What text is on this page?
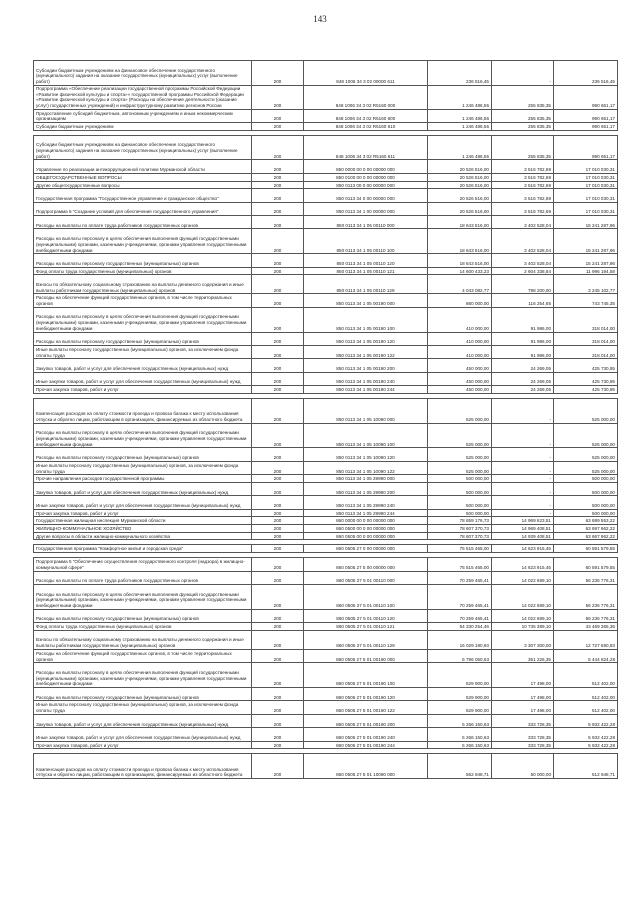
143
Субсидии бюджетным учреждениям на финансовое обеспечение государственного (муниципального) задания на оказание государственных (муниципальных) услуг (выполнение работ)	200	848 1006 34 3 02 00000 611	236 516,45	-	236 516,45
Подпрограмма «Обеспечение реализации государственной программы Российской Федерации «Развитие физической культуры и спорта»» государственной программы Российской Федерации «Развитие физической культуры и спорта» (Расходы на обеспечение деятельности (оказание услуг) государственных учреждений) и инфраструктурному развитию регионов России	200	848 1006 34 3 02 R5160 000	1 246 486,55	255 835,35	990 651,17
Предоставление субсидий бюджетным, автономным учреждениям и иным некоммерческим организациям	200	848 1006 34 3 02 R5160 600	1 246 486,55	255 835,35	990 651,17
Субсидии бюджетным учреждениям	200	848 1006 34 3 02 R5160 610	1 246 486,55	255 835,35	990 651,17

Субсидии бюджетным учреждениям на финансовое обеспечение государственного (муниципального) задания на оказание государственных (муниципальных) услуг (выполнение работ)	200	848 1006 34 3 02 R5160 611	1 246 486,55	255 835,35	990 651,17
Управление по реализации антикоррупционной политики Мурманской области	200	850 0000 00 0 00 00000 000	20 526 516,00	3 516 782,69	17 010 030,31
ОБЩЕГОСУДАРСТВЕННЫЕ ВОПРОСЫ	200	850 0100 00 0 00 00000 000	20 526 516,00	3 516 782,69	17 010 030,31
Другие общегосударственные вопросы	200	850 0113 00 0 00 00000 000	20 526 516,00	3 516 782,69	17 010 030,31
Государственная программа "Государственное управление и гражданское общество"	200	850 0113 34 0 00 00000 000	20 526 516,00	3 516 782,69	17 010 030,31
Подпрограмма 5 "Создание условий для обеспечения государственного управления"	200	850 0113 34 1 00 00000 000	20 526 516,00	3 516 782,69	17 010 030,31
Расходы на выплаты по оплате труда работников государственных органов	200	850 0113 34 1 05 00110 000	18 643 516,00	3 402 528,04	15 241 287,96
Расходы на выплаты персоналу в целях обеспечения выполнения функций государственными (муниципальными) органами, казенными учреждениями, органами управления государственными внебюджетными фондами	200	850 0113 34 1 05 00110 100	18 643 516,00	3 402 528,04	15 241 287,96
Расходы на выплаты персоналу государственных (муниципальных) органов	200	850 0113 34 1 05 00110 120	18 643 516,00	3 402 528,04	15 241 287,96
Фонд оплаты труда государственных (муниципальных) органов	200	850 0113 34 1 05 00110 121	14 600 433,23	2 604 338,84	11 996 194,58
Взносы по обязательному социальному страхованию на выплаты денежного содержания и иные выплаты работникам государственных (муниципальных) органов	200	850 0113 34 1 05 00110 129	4 043 082,77	798 200,00	3 245 102,77
Расходы на обеспечение функций государственных органов, в том числе территориальных органов	200	850 0113 34 1 05 00190 000	860 000,00	116 254,65	743 745,35
Расходы на выплаты персоналу в целях обеспечения выполнения функций государственными (муниципальными) органами, казенными учреждениями, органами управления государственными внебюджетными фондами	200	850 0113 34 1 05 00190 100	410 000,00	91 986,00	318 014,00
Расходы на выплаты персоналу государственных (муниципальных) органов	200	850 0113 34 1 05 00190 120	410 000,00	91 986,00	318 014,00
Иные выплаты персоналу государственных (муниципальных) органов, за исключением фонда оплаты труда	200	850 0113 34 1 05 00190 122	410 000,00	91 986,00	318 014,00
Закупка товаров, работ и услуг для обеспечения государственных (муниципальных) нужд	200	850 0113 34 1 05 00190 200	450 000,00	24 269,05	425 730,95
Иные закупки товаров, работ и услуг для обеспечения государственных (муниципальных) нужд	200	850 0113 34 1 05 00190 240	450 000,00	24 269,05	425 730,95
Прочая закупка товаров, работ и услуг	200	850 0113 34 1 05 00190 244	450 000,00	24 269,05	425 730,95

Компенсация расходов на оплату стоимости проезда и провоза багажа к месту использования отпуска и обратно лицам, работающим в организациях, финансируемых из областного бюджета	200	850 0113 34 1 05 10090 000	525 000,00	-	525 000,00
Расходы на выплаты персоналу в целях обеспечения выполнения функций государственными (муниципальными) органами, казенными учреждениями, органами управления государственными внебюджетными фондами	200	850 0113 34 1 05 10090 100	525 000,00	-	525 000,00
Расходы на выплаты персоналу государственных (муниципальных) органов	200	850 0113 34 1 05 10090 120	525 000,00	-	525 000,00
Иные выплаты персоналу государственных (муниципальных) органов, за исключением фонда оплаты труда	200	850 0113 34 1 05 10090 122	525 000,00	-	525 000,00
Прочие направления расходов государственной программы	200	850 0113 34 1 05 29990 000	500 000,00	-	500 000,00
Закупка товаров, работ и услуг для обеспечения государственных (муниципальных) нужд	200	850 0113 34 1 05 29990 200	500 000,00	-	500 000,00
Иные закупки товаров, работ и услуг для обеспечения государственных (муниципальных) нужд	200	850 0113 34 1 05 29990 240	500 000,00	-	500 000,00
Прочая закупка товаров, работ и услуг	200	850 0113 34 1 05 29990 244	500 000,00	-	500 000,00
Государственная жилищная инспекция Мурманской области	200	860 0000 00 0 00 00000 000	78 659 176,73	14 969 623,51	63 689 553,22
ЖИЛИЩНО-КОММУНАЛЬНОЕ ХОЗЯЙСТВО	200	860 0500 00 0 00 00000 000	78 607 370,73	14 969 408,51	63 697 962,22
Другие вопросы в области жилищно-коммунального хозяйства	200	860 0505 00 0 00 00000 000	78 607 370,73	14 939 408,51	63 667 962,22

Государственная программа "Комфортное жильё и городская среда"	200	860 0505 27 0 00 00000 000	75 515 465,00	14 623 915,45	60 591 579,55

Подпрограмма 5 "Обеспечение осуществления государственного контроля (надзора) в жилищно-коммунальной сфере"	200	860 0505 27 5 00 00000 000	75 515 465,00	14 623 915,45	60 591 579,55
Расходы на выплаты по оплате труда работников государственных органов	200	860 0505 27 5 01 00110 000	70 259 465,41	14 022 689,10	56 236 776,31
Расходы на выплаты персоналу в целях обеспечения выполнения функций государственными (муниципальными) органами, казенными учреждениями, органами управления государственными внебюджетными фондами	200	860 0505 27 5 01 00110 100	70 259 465,41	14 022 689,10	56 236 776,31
Расходы на выплаты персоналу государственных (муниципальных) органов	200	860 0505 27 5 01 00110 120	70 259 465,41	14 022 689,10	56 236 776,31
Фонд оплаты труда государственных (муниципальных) органов	200	860 0505 27 5 01 00110 121	54 330 254,46	10 735 389,10	43 469 365,36
Взносы по обязательному социальному страхованию на выплаты денежного содержания и иные выплаты работникам государственных (муниципальных) органов	200	860 0505 27 5 01 00110 129	16 029 190,93	3 307 300,00	12 727 590,93
Расходы на обеспечение функций государственных органов, в том числе территориальных органов	200	860 0505 27 5 01 00190 000	5 796 050,63	351 226,35	5 444 824,28
Расходы на выплаты персоналу в целях обеспечения выполнения функций государственными (муниципальными) органами, казенными учреждениями, органами управления государственными внебюджетными фондами	200	860 0505 27 5 01 00190 100	529 900,00	17 498,00	512 402,00
Расходы на выплаты персоналу государственных (муниципальных) органов	200	860 0505 27 5 01 00190 120	529 900,00	17 498,00	512 402,00
Иные выплаты персоналу государственных (муниципальных) органов, за исключением фонда оплаты труда	200	860 0505 27 5 01 00190 122	529 900,00	17 498,00	512 402,00
Закупка товаров, работ и услуг для обеспечения государственных (муниципальных) нужд	200	860 0505 27 5 01 00190 200	5 266 150,63	333 728,35	5 932 422,28
Иные закупки товаров, работ и услуг для обеспечения государственных (муниципальных) нужд	200	860 0505 27 5 01 00190 240	5 266 150,63	333 728,35	5 932 422,28
Прочая закупка товаров, работ и услуг	200	860 0505 27 5 01 00190 244	5 266 150,63	333 728,35	5 932 422,28

Компенсация расходов на оплату стоимости проезда и провоза багажа к месту использования отпуска и обратно лицам, работающим в организациях, финансируемых из областного бюджета	200	860 0505 27 5 01 10090 000	562 948,71	50 000,00	512 948,71
